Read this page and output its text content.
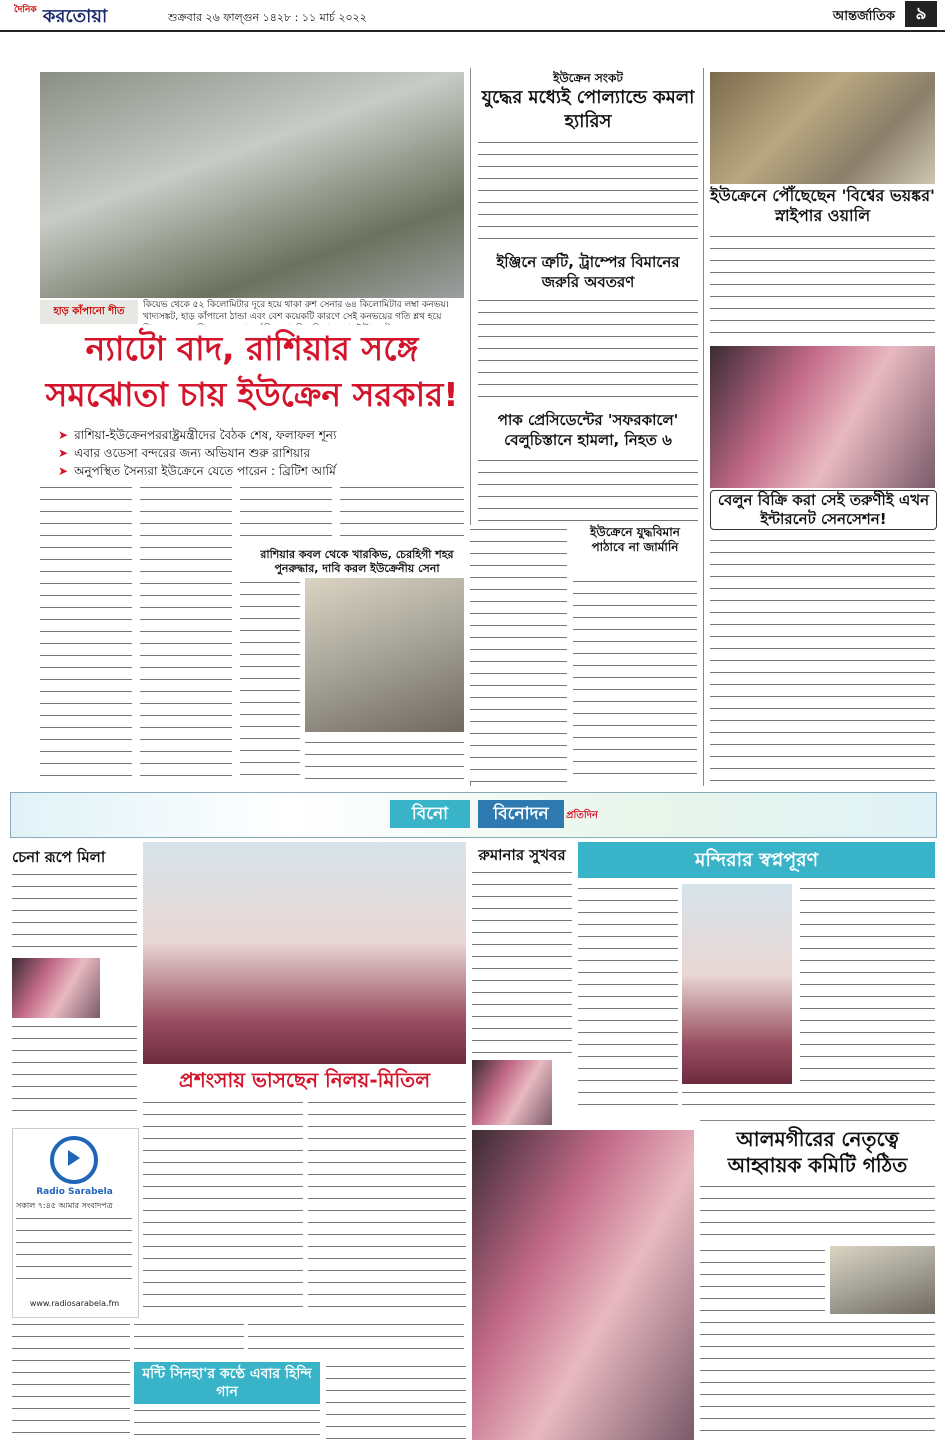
$^{দৈনিক}$ করতোয়া	শুক্রবার ২৬ ফাল্গুন ১৪২৮ : ১১ মার্চ ২০২২	আন্তর্জাতিক	৯
হাড় কাঁপানো শীত
কিয়েভ থেকে ৫২ কিলোমিটার দূরে হয়ে থাকা রুশ সেনার ৬৪ কিলোমিটার লম্বা কনভয়। খাদ্যসঙ্কট, হাড় কাঁপানো ঠান্ডা এবং বেশ কয়েকটি কারণে সেই কনভয়ের গতি শ্লথ হয়ে
ন্যাটো বাদ, রাশিয়ার সঙ্গে সমঝোতা চায় ইউক্রেন সরকার!
➤ রাশিয়া-ইউক্রেনপররাষ্ট্রমন্ত্রীদের বৈঠক শেষ, ফলাফল শূন্য
➤ এবার ওডেসা বন্দরের জন্য অভিযান শুরু রাশিয়ার
➤ অনুপস্থিত সৈন্যরা ইউক্রেনে যেতে পারেন : ব্রিটিশ আর্মি
রাশিয়ার কবল থেকে খারকিভ, চেরহিগী শহর পুনরুদ্ধার, দাবি করল ইউক্রেনীয় সেনা
ইউক্রেন সংকট
যুদ্ধের মধ্যেই পোল্যান্ডে কমলা হ্যারিস
ইঞ্জিনে ত্রুটি, ট্রাম্পের বিমানের জরুরি অবতরণ
পাক প্রেসিডেন্টের 'সফরকালে' বেলুচিস্তানে হামলা, নিহত ৬
ইউক্রেনে যুদ্ধবিমান পাঠাবে না জার্মানি
ইউক্রেনে পৌঁছেছেন 'বিশ্বের ভয়ঙ্কর' স্নাইপার ওয়ালি
বেলুন বিক্রি করা সেই তরুণীই এখন ইন্টারনেট সেনসেশন!
বিনো	বিনোদন	প্রতিদিন
চেনা রূপে মিলা
Radio Sarabela
সকাল ৭:৪৫ আমার সংবাদপত্র
www.radiosarabela.fm
প্রশংসায় ভাসছেন নিলয়-মিতিল
রুমানার সুখবর	মন্দিরার স্বপ্নপূরণ
আলমগীরের নেতৃত্বে আহ্বায়ক কমিটি গঠিত
মন্টি সিনহা'র কণ্ঠে এবার হিন্দি গান
